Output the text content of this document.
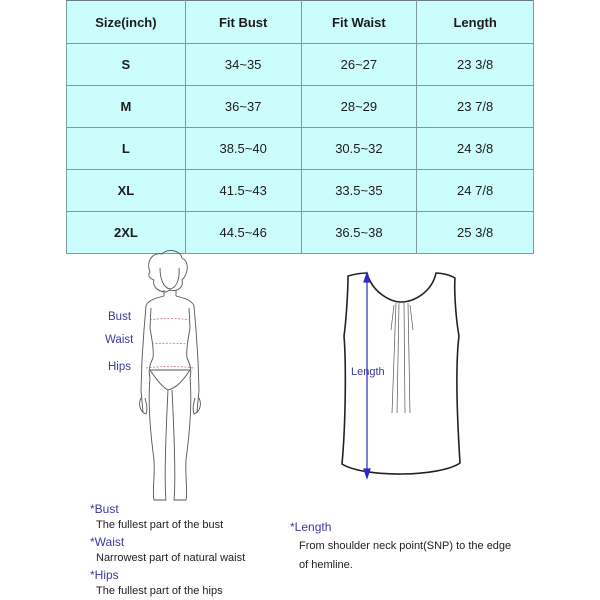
Size(inch)	Fit Bust	Fit Waist	Length
S	34~35	26~27	23 3/8
M	36~37	28~29	23 7/8
L	38.5~40	30.5~32	24 3/8
XL	41.5~43	33.5~35	24 7/8
2XL	44.5~46	36.5~38	25 3/8
Bust
Waist
Hips	Length
*Bust
The fullest part of the bust
*Waist
Narrowest part of natural waist
*Hips
The fullest part of the hips
*Length
From shoulder neck point(SNP) to the edge
of hemline.
